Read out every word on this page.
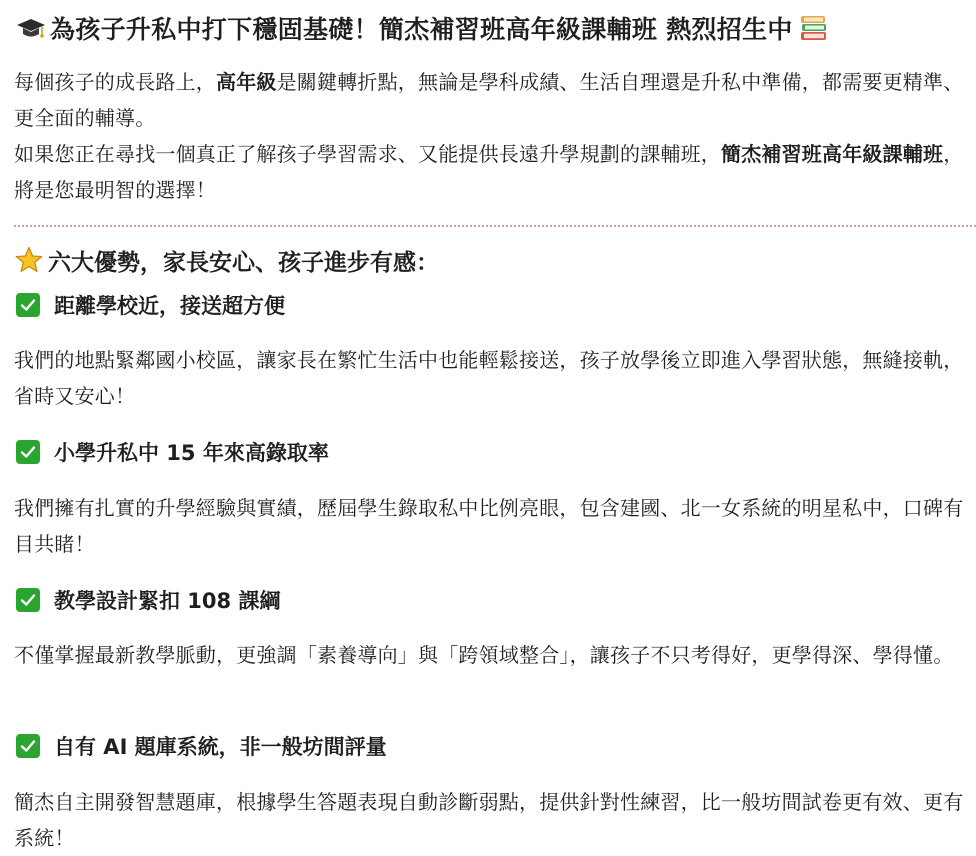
為孩子升私中打下穩固基礎！簡杰補習班高年級課輔班 熱烈招生中

每個孩子的成長路上，高年級是關鍵轉折點，無論是學科成績、生活自理還是升私中準備，都需要更精準、更全面的輔導。

如果您正在尋找一個真正了解孩子學習需求、又能提供長遠升學規劃的課輔班，簡杰補習班高年級課輔班，將是您最明智的選擇！

六大優勢，家長安心、孩子進步有感：
距離學校近，接送超方便

我們的地點緊鄰國小校區，讓家長在繁忙生活中也能輕鬆接送，孩子放學後立即進入學習狀態，無縫接軌，省時又安心！

小學升私中 15 年來高錄取率

我們擁有扎實的升學經驗與實績，歷屆學生錄取私中比例亮眼，包含建國、北一女系統的明星私中，口碑有目共睹！

教學設計緊扣 108 課綱

不僅掌握最新教學脈動，更強調「素養導向」與「跨領域整合」，讓孩子不只考得好，更學得深、學得懂。

自有 AI 題庫系統，非一般坊間評量

簡杰自主開發智慧題庫，根據學生答題表現自動診斷弱點，提供針對性練習，比一般坊間試卷更有效、更有系統！
